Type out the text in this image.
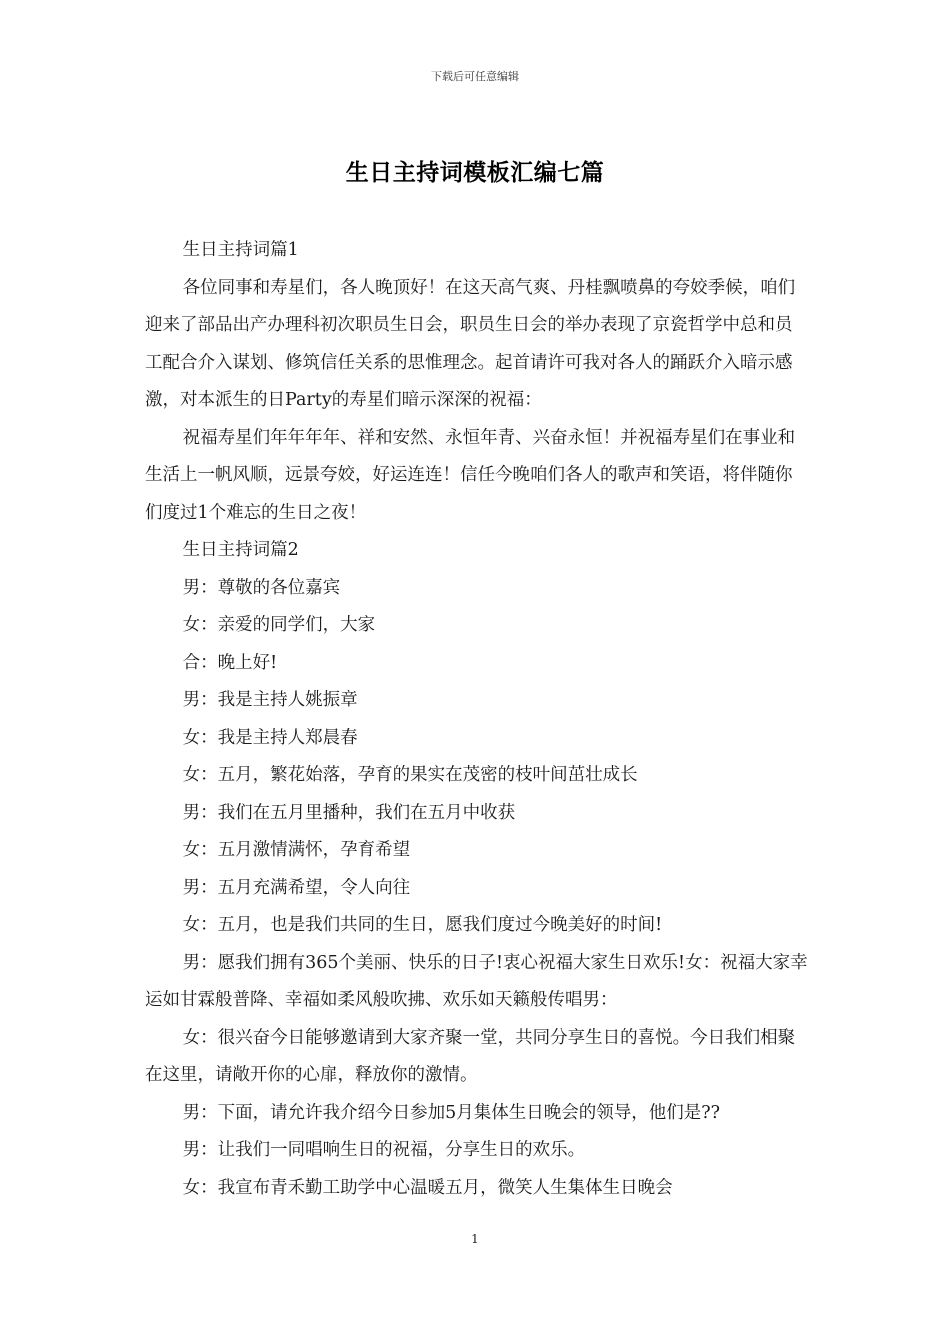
下载后可任意编辑
生日主持词模板汇编七篇

生日主持词篇1

各位同事和寿星们，各人晚顶好！在这天高气爽、丹桂飘喷鼻的夸姣季候，咱们迎来了部品出产办理科初次职员生日会，职员生日会的举办表现了京瓷哲学中总和员工配合介入谋划、修筑信任关系的思惟理念。起首请许可我对各人的踊跃介入暗示感激，对本派生的日Party的寿星们暗示深深的祝福：

祝福寿星们年年年年、祥和安然、永恒年青、兴奋永恒！并祝福寿星们在事业和生活上一帆风顺，远景夸姣，好运连连！信任今晚咱们各人的歌声和笑语，将伴随你们度过1个难忘的生日之夜！

生日主持词篇2

男：尊敬的各位嘉宾

女：亲爱的同学们，大家

合：晚上好!

男：我是主持人姚振章

女：我是主持人郑晨春

女：五月，繁花始落，孕育的果实在茂密的枝叶间茁壮成长

男：我们在五月里播种，我们在五月中收获

女：五月激情满怀，孕育希望

男：五月充满希望，令人向往

女：五月，也是我们共同的生日，愿我们度过今晚美好的时间!

男：愿我们拥有365个美丽、快乐的日子!衷心祝福大家生日欢乐!女：祝福大家幸运如甘霖般普降、幸福如柔风般吹拂、欢乐如天籁般传唱男：

女：很兴奋今日能够邀请到大家齐聚一堂，共同分享生日的喜悦。今日我们相聚在这里，请敞开你的心扉，释放你的激情。

男：下面，请允许我介绍今日参加5月集体生日晚会的领导，他们是??

男：让我们一同唱响生日的祝福，分享生日的欢乐。

女：我宣布青禾勤工助学中心温暖五月，微笑人生集体生日晚会

1
